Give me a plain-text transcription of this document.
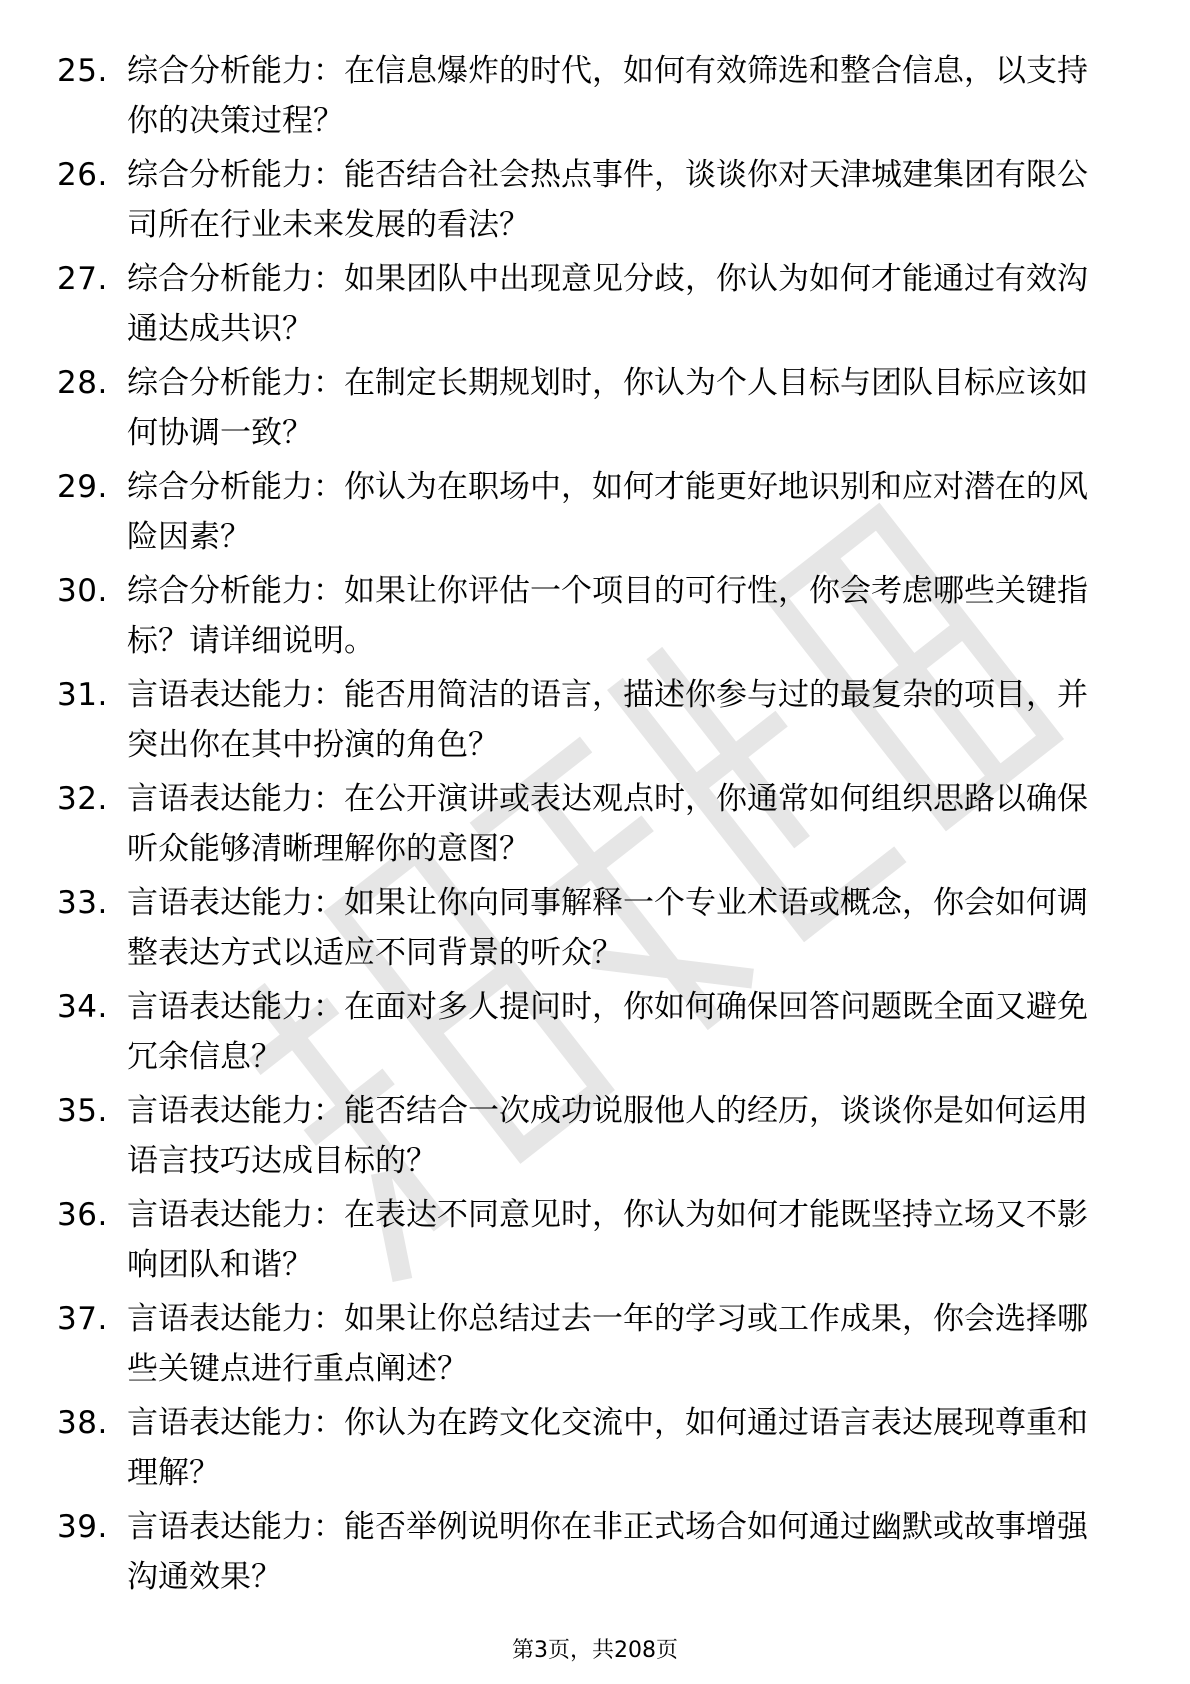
25. 综合分析能力：在信息爆炸的时代，如何有效筛选和整合信息，以支持你的决策过程？
26. 综合分析能力：能否结合社会热点事件，谈谈你对天津城建集团有限公司所在行业未来发展的看法？
27. 综合分析能力：如果团队中出现意见分歧，你认为如何才能通过有效沟通达成共识？
28. 综合分析能力：在制定长期规划时，你认为个人目标与团队目标应该如何协调一致？
29. 综合分析能力：你认为在职场中，如何才能更好地识别和应对潜在的风险因素？
30. 综合分析能力：如果让你评估一个项目的可行性，你会考虑哪些关键指标？请详细说明。
31. 言语表达能力：能否用简洁的语言，描述你参与过的最复杂的项目，并突出你在其中扮演的角色？
32. 言语表达能力：在公开演讲或表达观点时，你通常如何组织思路以确保听众能够清晰理解你的意图？
33. 言语表达能力：如果让你向同事解释一个专业术语或概念，你会如何调整表达方式以适应不同背景的听众？
34. 言语表达能力：在面对多人提问时，你如何确保回答问题既全面又避免冗余信息？
35. 言语表达能力：能否结合一次成功说服他人的经历，谈谈你是如何运用语言技巧达成目标的？
36. 言语表达能力：在表达不同意见时，你认为如何才能既坚持立场又不影响团队和谐？
37. 言语表达能力：如果让你总结过去一年的学习或工作成果，你会选择哪些关键点进行重点阐述？
38. 言语表达能力：你认为在跨文化交流中，如何通过语言表达展现尊重和理解？
39. 言语表达能力：能否举例说明你在非正式场合如何通过幽默或故事增强沟通效果？
第3页，共208页
